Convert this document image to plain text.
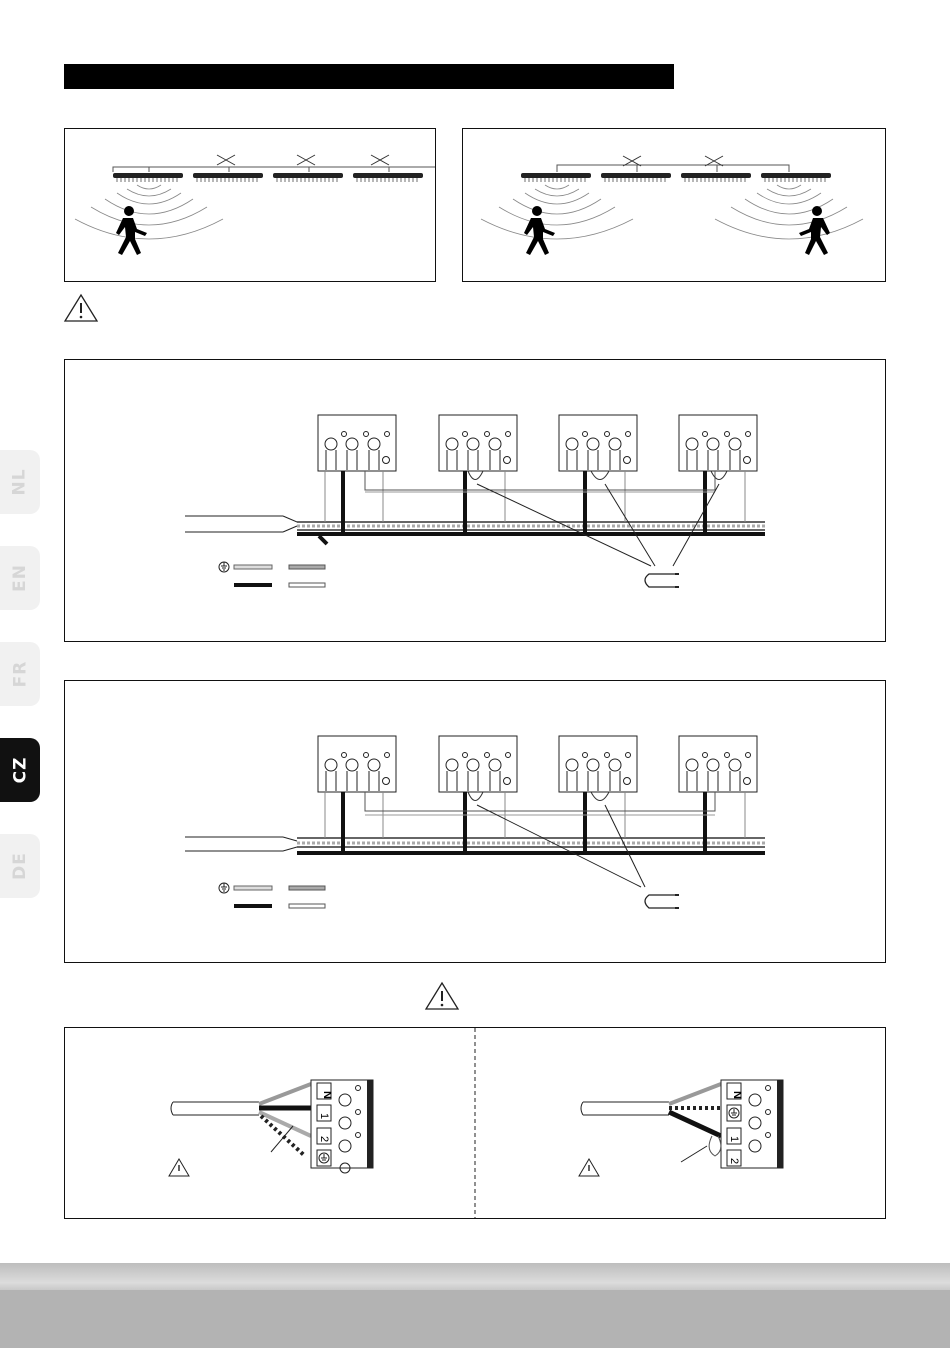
N
1
2
N
1
2
NL
EN
FR
CZ
DE
